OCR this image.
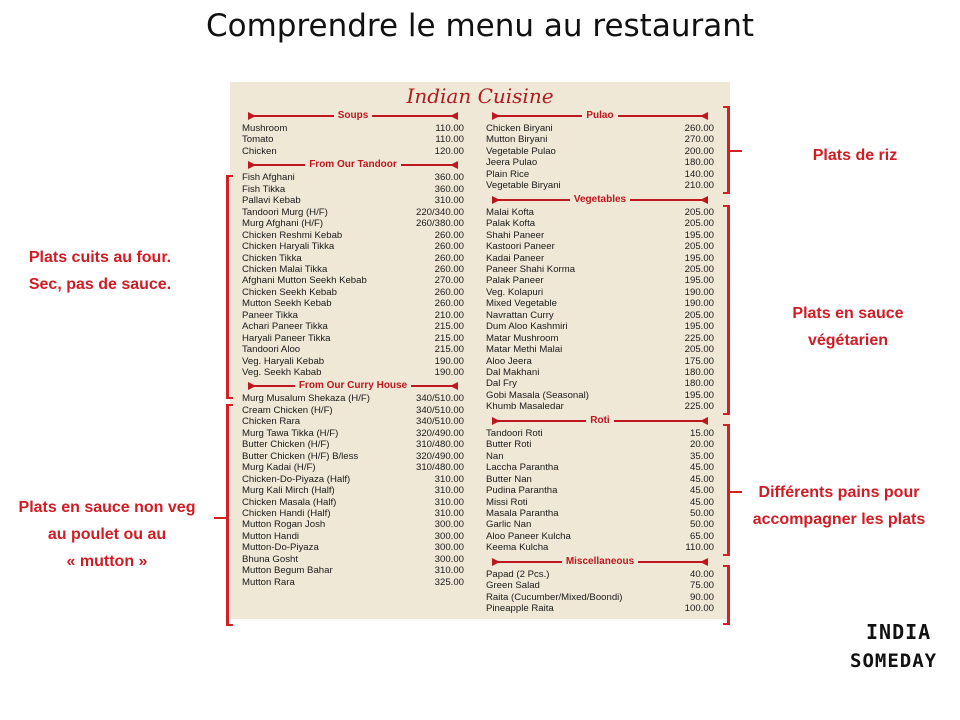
Comprendre le menu au restaurant
Indian Cuisine
Soups
Mushroom	110.00
Tomato	110.00
Chicken	120.00
From Our Tandoor
Fish Afghani	360.00
Fish Tikka	360.00
Pallavi Kebab	310.00
Tandoori Murg (H/F)	220/340.00
Murg Afghani (H/F)	260/380.00
Chicken Reshmi Kebab	260.00
Chicken Haryali Tikka	260.00
Chicken Tikka	260.00
Chicken Malai Tikka	260.00
Afghani Mutton Seekh Kebab	270.00
Chicken Seekh Kebab	260.00
Mutton Seekh Kebab	260.00
Paneer Tikka	210.00
Achari Paneer Tikka	215.00
Haryali Paneer Tikka	215.00
Tandoori Aloo	215.00
Veg. Haryali Kebab	190.00
Veg. Seekh Kabab	190.00
From Our Curry House
Murg Musalum Shekaza (H/F)	340/510.00
Cream Chicken (H/F)	340/510.00
Chicken Rara	340/510.00
Murg Tawa Tikka (H/F)	320/490.00
Butter Chicken (H/F)	310/480.00
Butter Chicken (H/F) B/less	320/490.00
Murg Kadai (H/F)	310/480.00
Chicken-Do-Piyaza (Half)	310.00
Murg Kali Mirch (Half)	310.00
Chicken Masala (Half)	310.00
Chicken Handi (Half)	310.00
Mutton Rogan Josh	300.00
Mutton Handi	300.00
Mutton-Do-Piyaza	300.00
Bhuna Gosht	300.00
Mutton Begum Bahar	310.00
Mutton Rara	325.00
Pulao
Chicken Biryani	260.00
Mutton Biryani	270.00
Vegetable Pulao	200.00
Jeera Pulao	180.00
Plain Rice	140.00
Vegetable Biryani	210.00
Vegetables
Malai Kofta	205.00
Palak Kofta	205.00
Shahi Paneer	195.00
Kastoori Paneer	205.00
Kadai Paneer	195.00
Paneer Shahi Korma	205.00
Palak Paneer	195.00
Veg. Kolapuri	190.00
Mixed Vegetable	190.00
Navrattan Curry	205.00
Dum Aloo Kashmiri	195.00
Matar Mushroom	225.00
Matar Methi Malai	205.00
Aloo Jeera	175.00
Dal Makhani	180.00
Dal Fry	180.00
Gobi Masala (Seasonal)	195.00
Khumb Masaledar	225.00
Roti
Tandoori Roti	15.00
Butter Roti	20.00
Nan	35.00
Laccha Parantha	45.00
Butter Nan	45.00
Pudina Parantha	45.00
Missi Roti	45.00
Masala Parantha	50.00
Garlic Nan	50.00
Aloo Paneer Kulcha	65.00
Keema Kulcha	110.00
Miscellaneous
Papad (2 Pcs.)	40.00
Green Salad	75.00
Raita (Cucumber/Mixed/Boondi)	90.00
Pineapple Raita	100.00
Plats de riz
Plats cuits au four.
Sec, pas de sauce.
Plats en sauce
végétarien
Plats en sauce non veg
au poulet ou au
« mutton »
Différents pains pour
accompagner les plats
INDIA
SOMEDAY
